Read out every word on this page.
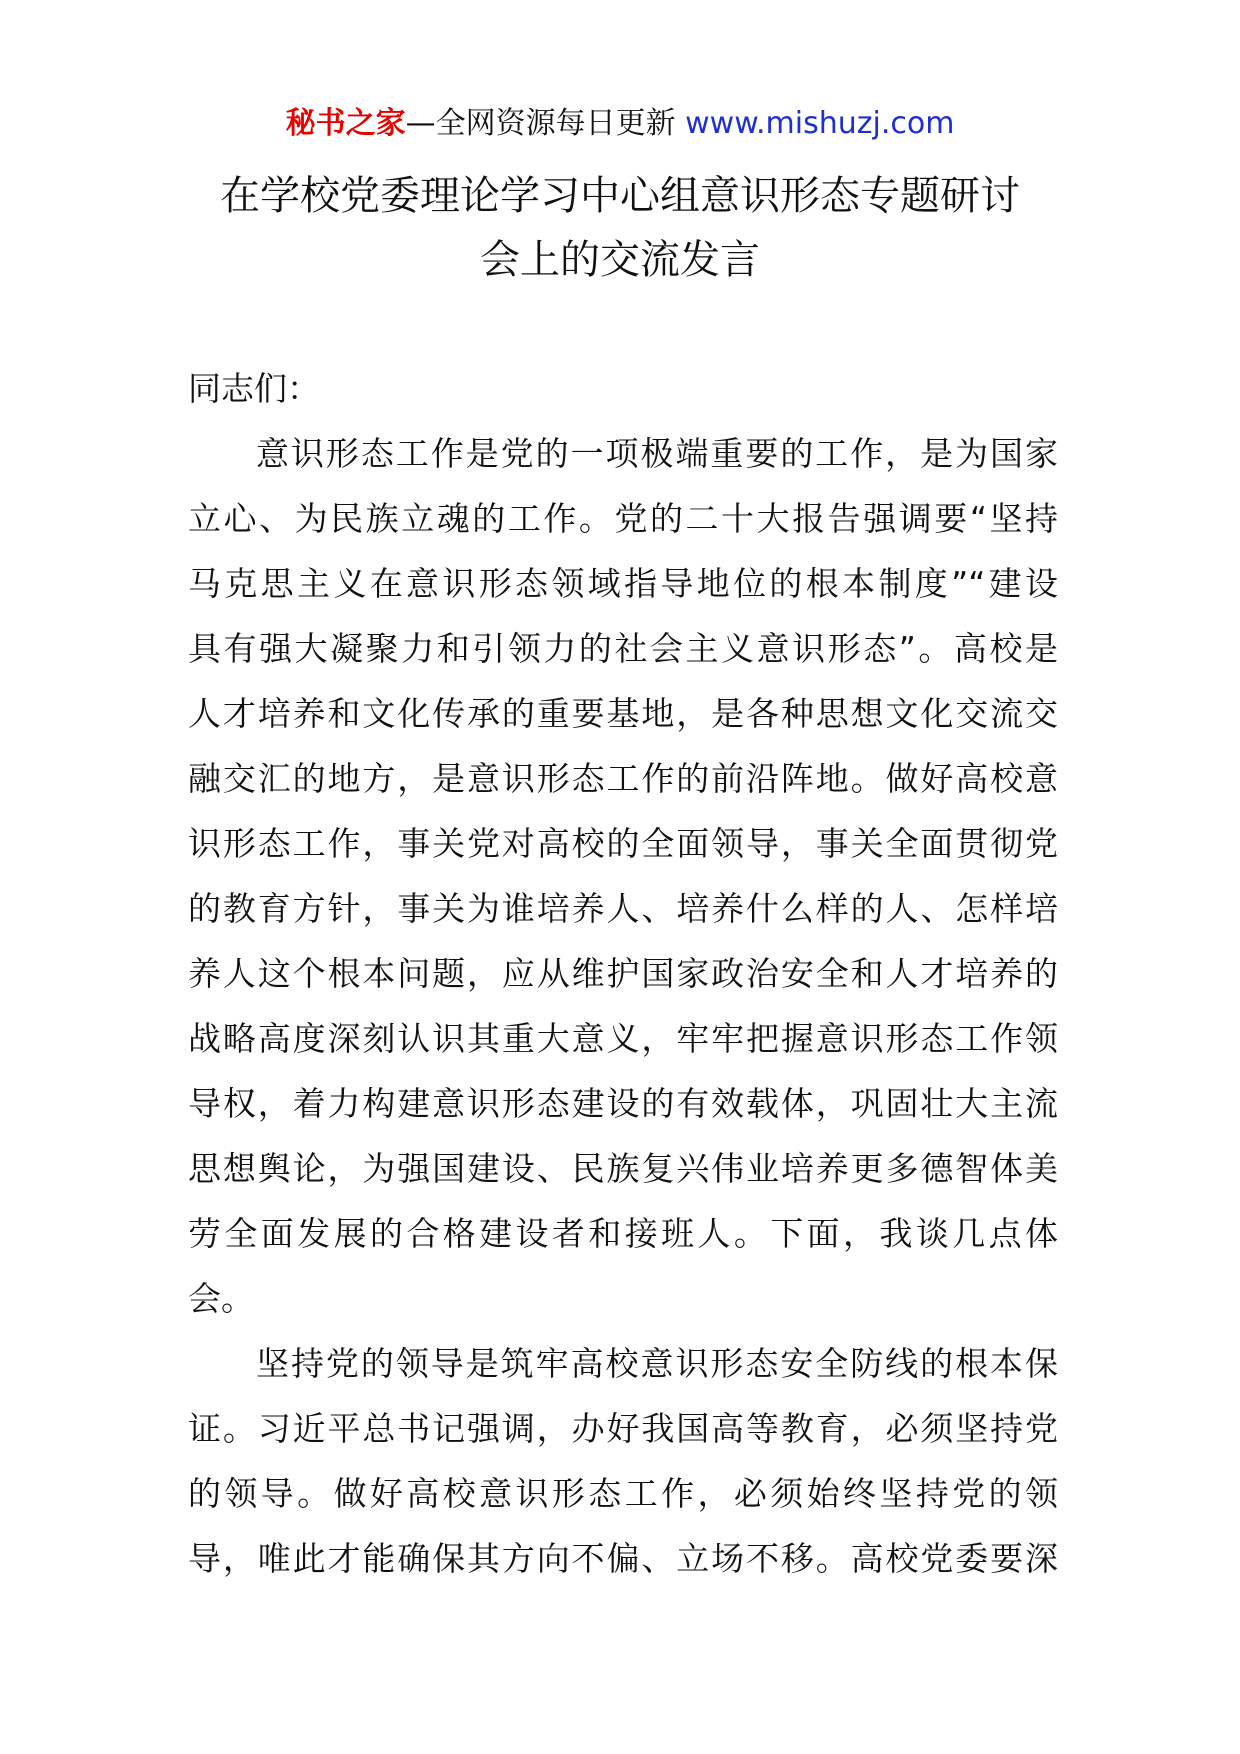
秘书之家—全网资源每日更新 www.mishuzj.com
在学校党委理论学习中心组意识形态专题研讨
会上的交流发言

同志们：

意识形态工作是党的一项极端重要的工作，是为国家
立心、为民族立魂的工作。党的二十大报告强调要“坚持
马克思主义在意识形态领域指导地位的根本制度”“建设
具有强大凝聚力和引领力的社会主义意识形态”。高校是
人才培养和文化传承的重要基地，是各种思想文化交流交
融交汇的地方，是意识形态工作的前沿阵地。做好高校意
识形态工作，事关党对高校的全面领导，事关全面贯彻党
的教育方针，事关为谁培养人、培养什么样的人、怎样培
养人这个根本问题，应从维护国家政治安全和人才培养的
战略高度深刻认识其重大意义，牢牢把握意识形态工作领
导权，着力构建意识形态建设的有效载体，巩固壮大主流
思想舆论，为强国建设、民族复兴伟业培养更多德智体美
劳全面发展的合格建设者和接班人。下面，我谈几点体
会。
坚持党的领导是筑牢高校意识形态安全防线的根本保
证。习近平总书记强调，办好我国高等教育，必须坚持党
的领导。做好高校意识形态工作，必须始终坚持党的领
导，唯此才能确保其方向不偏、立场不移。高校党委要深
